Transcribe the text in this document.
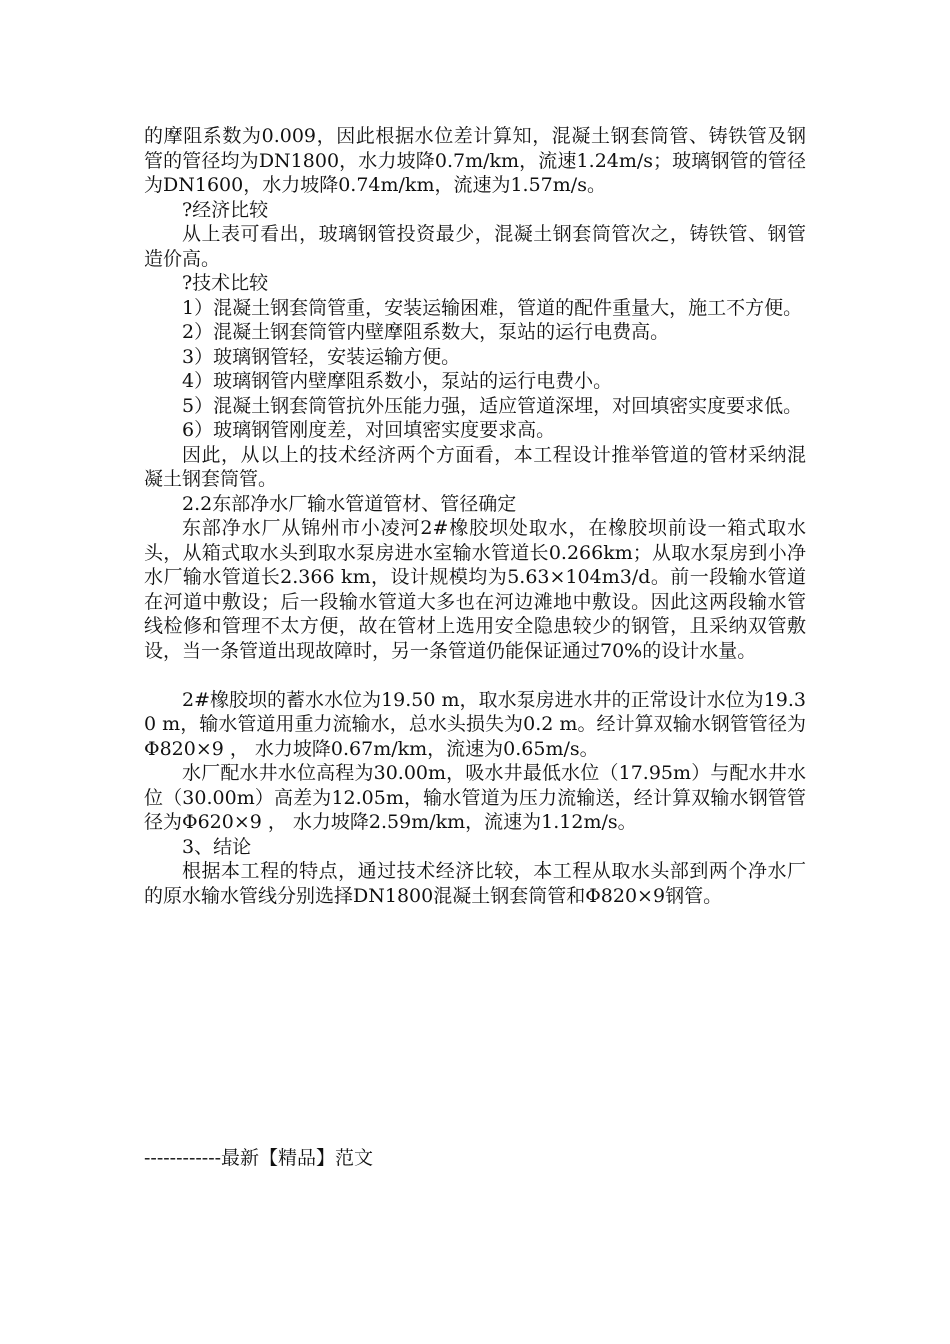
的摩阻系数为0.009，因此根据水位差计算知，混凝土钢套筒管、铸铁管及钢管的管径均为DN1800，水力坡降0.7m/km，流速1.24m/s；玻璃钢管的管径为DN1600，水力坡降0.74m/km，流速为1.57m/s。

?经济比较

从上表可看出，玻璃钢管投资最少，混凝土钢套筒管次之，铸铁管、钢管造价高。

?技术比较

1）混凝土钢套筒管重，安装运输困难，管道的配件重量大，施工不方便。

2）混凝土钢套筒管内壁摩阻系数大，泵站的运行电费高。

3）玻璃钢管轻，安装运输方便。

4）玻璃钢管内壁摩阻系数小，泵站的运行电费小。

5）混凝土钢套筒管抗外压能力强，适应管道深埋，对回填密实度要求低。

6）玻璃钢管刚度差，对回填密实度要求高。

因此，从以上的技术经济两个方面看，本工程设计推举管道的管材采纳混凝土钢套筒管。

2.2东部净水厂输水管道管材、管径确定

东部净水厂从锦州市小凌河2#橡胶坝处取水，在橡胶坝前设一箱式取水头，从箱式取水头到取水泵房进水室输水管道长0.266km；从取水泵房到小净水厂输水管道长2.366 km，设计规模均为5.63×104m3/d。前一段输水管道在河道中敷设；后一段输水管道大多也在河边滩地中敷设。因此这两段输水管线检修和管理不太方便，故在管材上选用安全隐患较少的钢管，且采纳双管敷设，当一条管道出现故障时，另一条管道仍能保证通过70%的设计水量。

2#橡胶坝的蓄水水位为19.50 m，取水泵房进水井的正常设计水位为19.30 m，输水管道用重力流输水，总水头损失为0.2 m。经计算双输水钢管管径为Φ820×9 ， 水力坡降0.67m/km，流速为0.65m/s。

水厂配水井水位高程为30.00m，吸水井最低水位（17.95m）与配水井水位（30.00m）高差为12.05m，输水管道为压力流输送，经计算双输水钢管管径为Φ620×9 ， 水力坡降2.59m/km，流速为1.12m/s。

3、结论

根据本工程的特点，通过技术经济比较，本工程从取水头部到两个净水厂的原水输水管线分别选择DN1800混凝土钢套筒管和Φ820×9钢管。

------------最新【精品】范文
